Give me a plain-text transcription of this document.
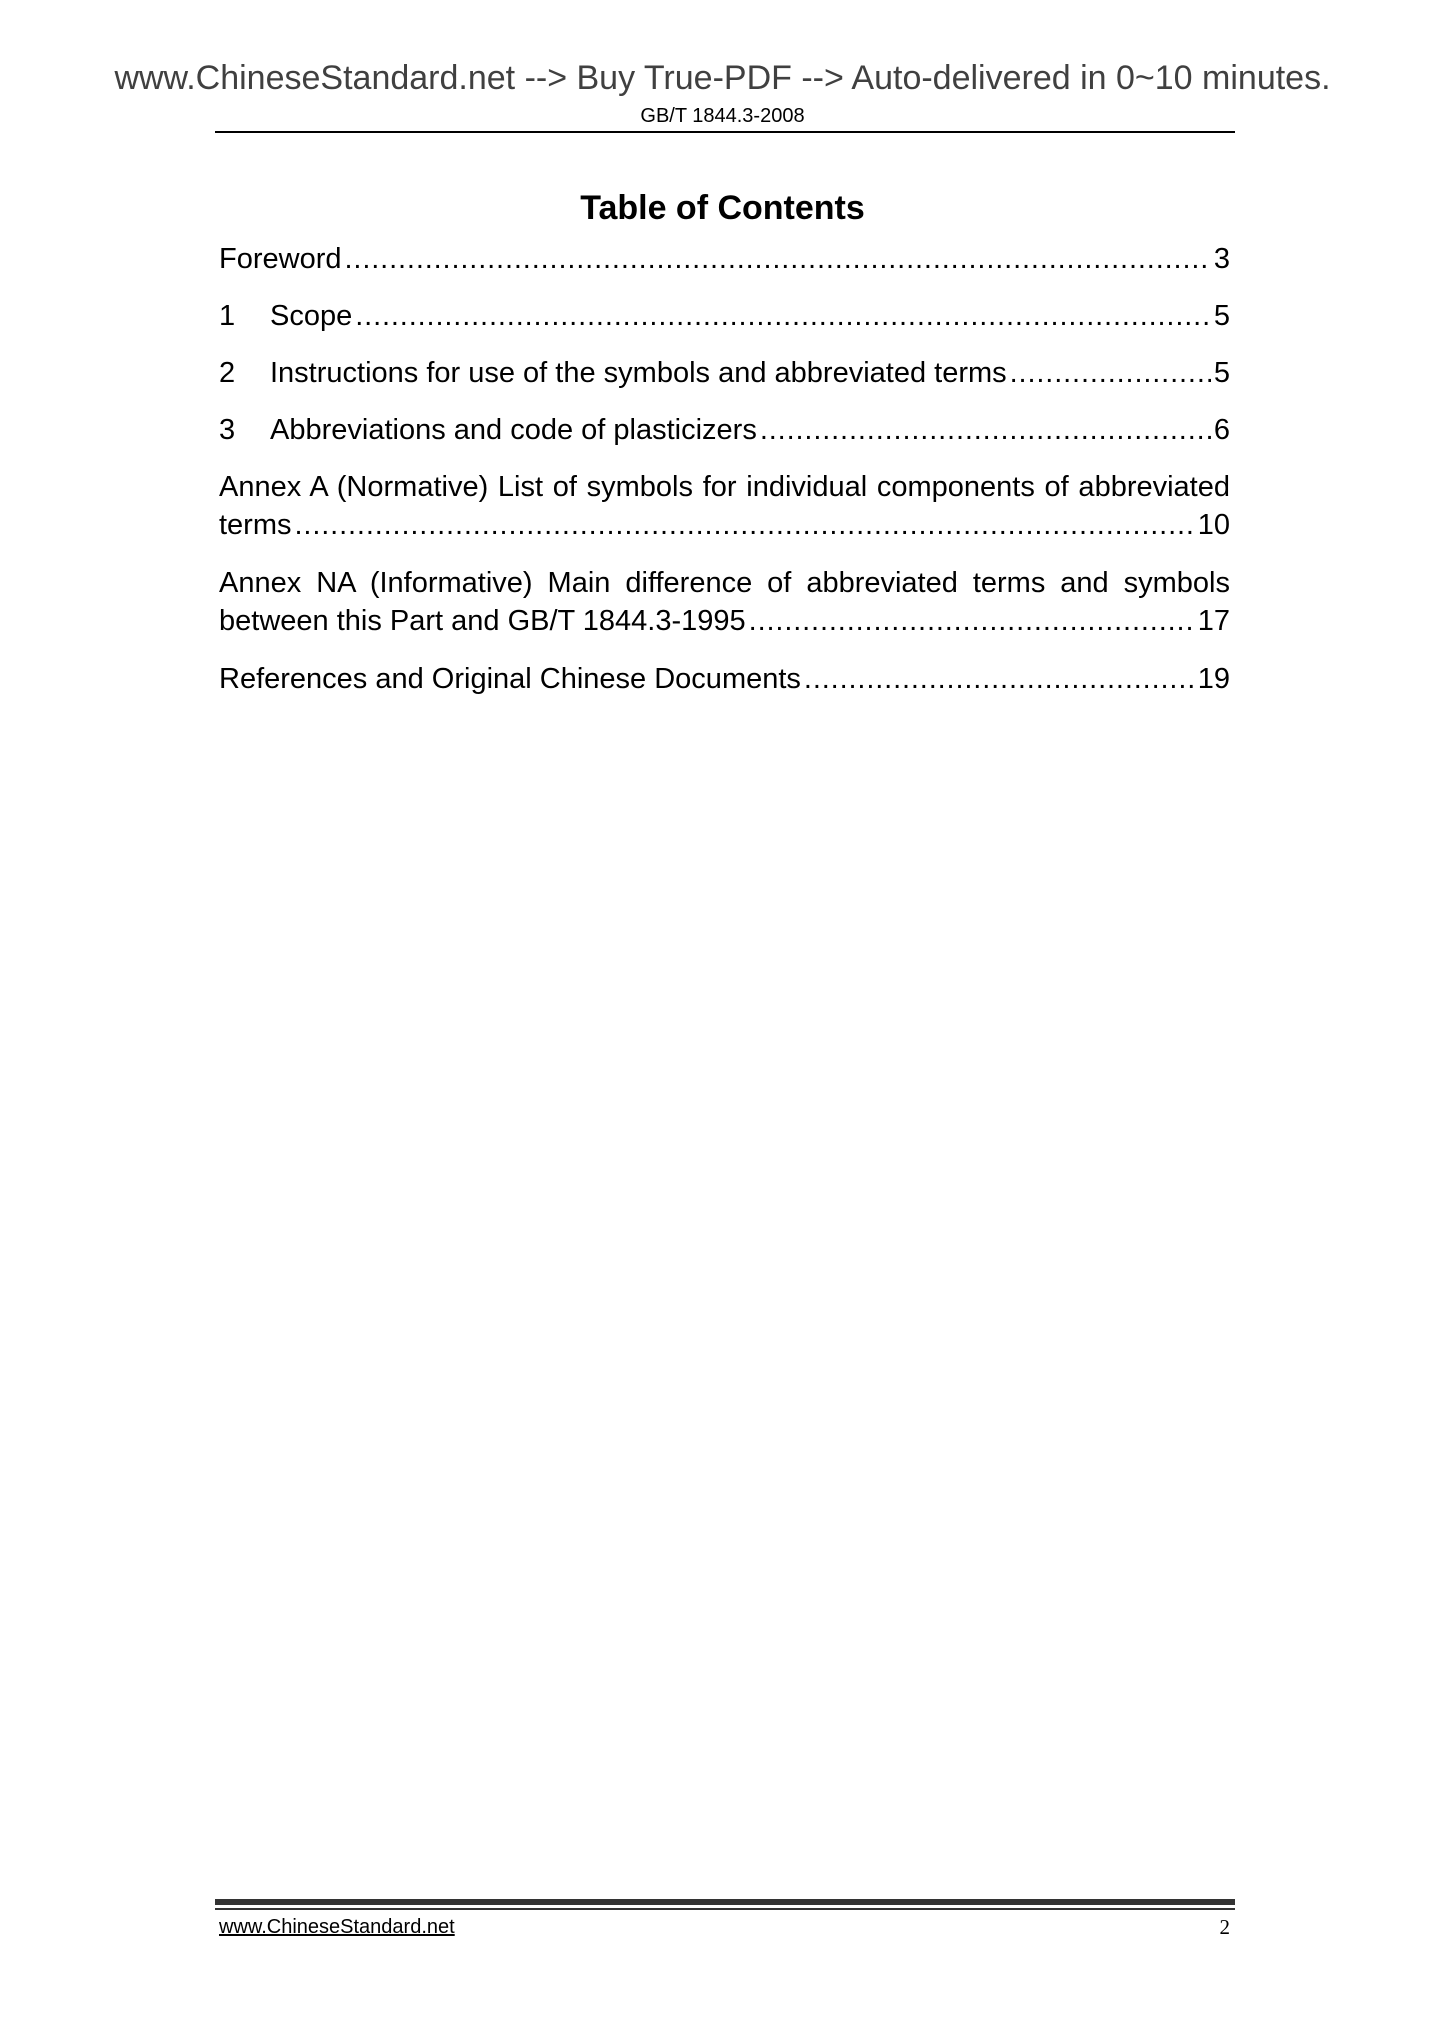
www.ChineseStandard.net --> Buy True-PDF --> Auto-delivered in 0~10 minutes.
GB/T 1844.3-2008
Table of Contents
Foreword . . .	3
1	Scope . . .	5
2	Instructions for use of the symbols and abbreviated terms . . .	5
3	Abbreviations and code of plasticizers . . .	6
Annex A (Normative) List of symbols for individual components of abbreviated
terms . . .	10
Annex NA (Informative) Main difference of abbreviated terms and symbols
between this Part and GB/T 1844.3-1995 . . .	17
References and Original Chinese Documents . . .	19
www.ChineseStandard.net	2
